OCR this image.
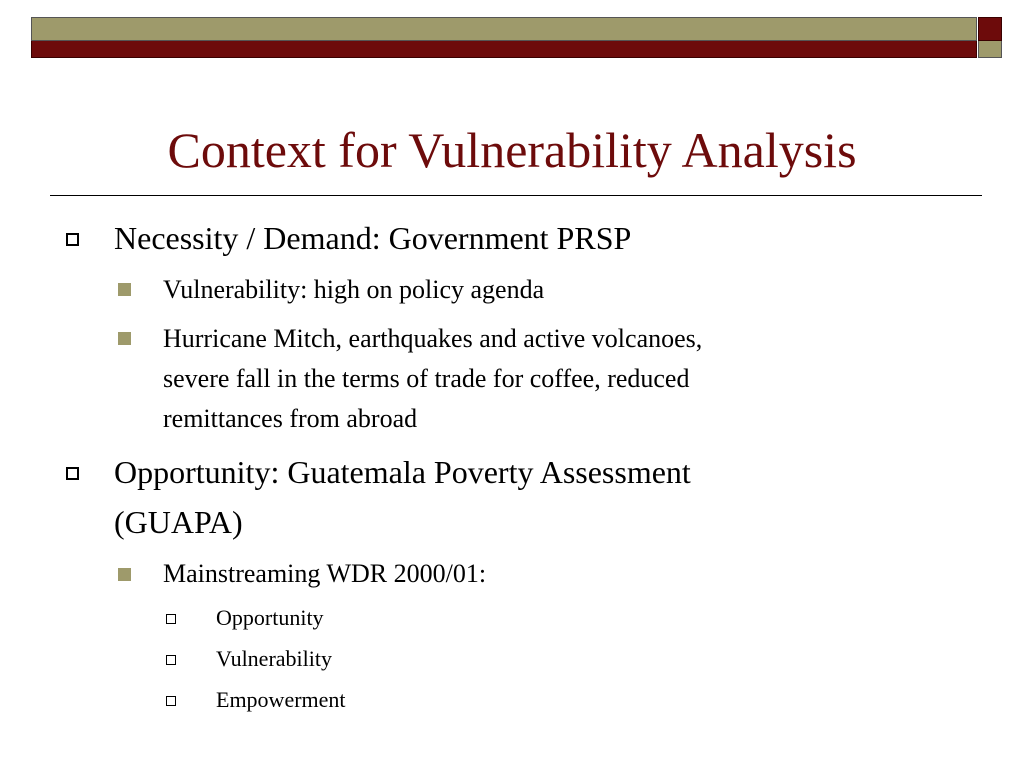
Context for Vulnerability Analysis
Necessity / Demand: Government PRSP
Vulnerability: high on policy agenda
Hurricane Mitch, earthquakes and active volcanoes,
severe fall in the terms of trade for coffee, reduced
remittances from abroad
Opportunity: Guatemala Poverty Assessment
(GUAPA)
Mainstreaming WDR 2000/01:
Opportunity
Vulnerability
Empowerment
